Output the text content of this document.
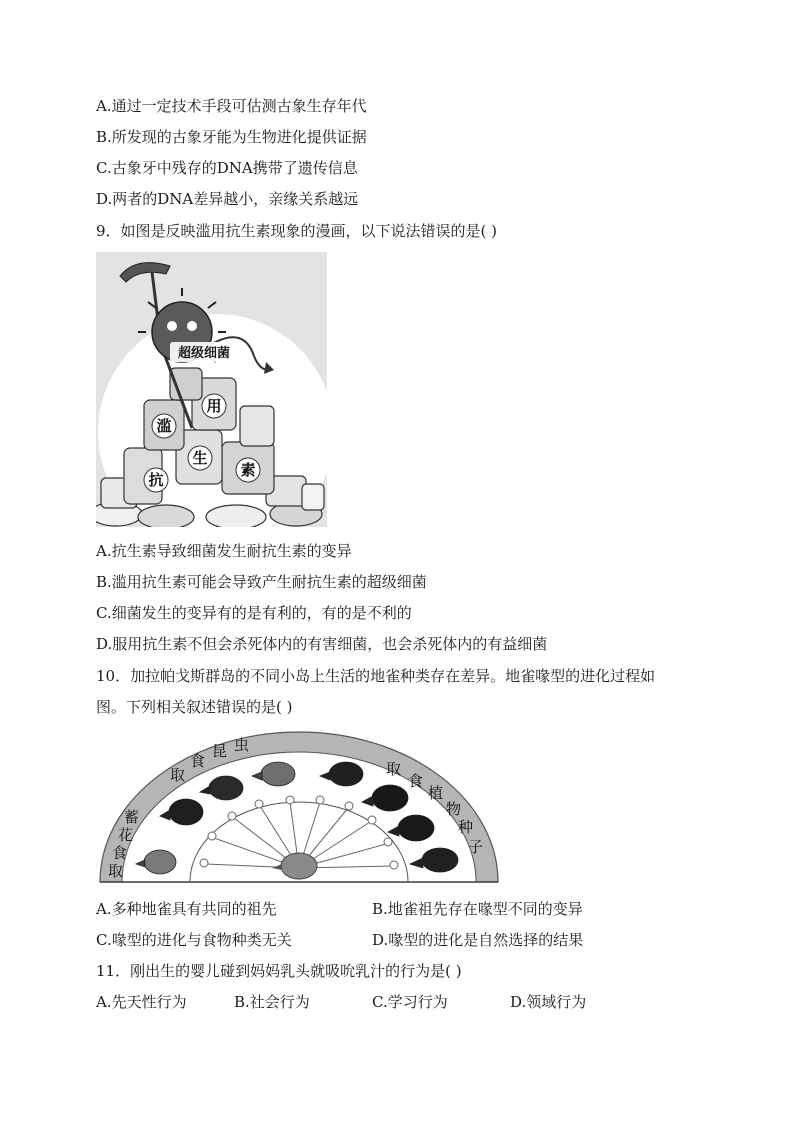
A.通过一定技术手段可估测古象生存年代
B.所发现的古象牙能为生物进化提供证据
C.古象牙中残存的DNA携带了遗传信息
D.两者的DNA差异越小，亲缘关系越远
9．如图是反映滥用抗生素现象的漫画，以下说法错误的是( )
超级细菌
滥
用
抗
生
素
A.抗生素导致细菌发生耐抗生素的变异
B.滥用抗生素可能会导致产生耐抗生素的超级细菌
C.细菌发生的变异有的是有利的，有的是不利的
D.服用抗生素不但会杀死体内的有害细菌，也会杀死体内的有益细菌
10．加拉帕戈斯群岛的不同小岛上生活的地雀种类存在差异。地雀喙型的进化过程如
图。下列相关叙述错误的是( )
取
食
昆 虫
取
食
植
物
种
子
蓄
花
食
取
A.多种地雀具有共同的祖先	B.地雀祖先存在喙型不同的变异
C.喙型的进化与食物种类无关	D.喙型的进化是自然选择的结果
11．刚出生的婴儿碰到妈妈乳头就吸吮乳汁的行为是( )
A.先天性行为	B.社会行为	C.学习行为	D.领域行为
